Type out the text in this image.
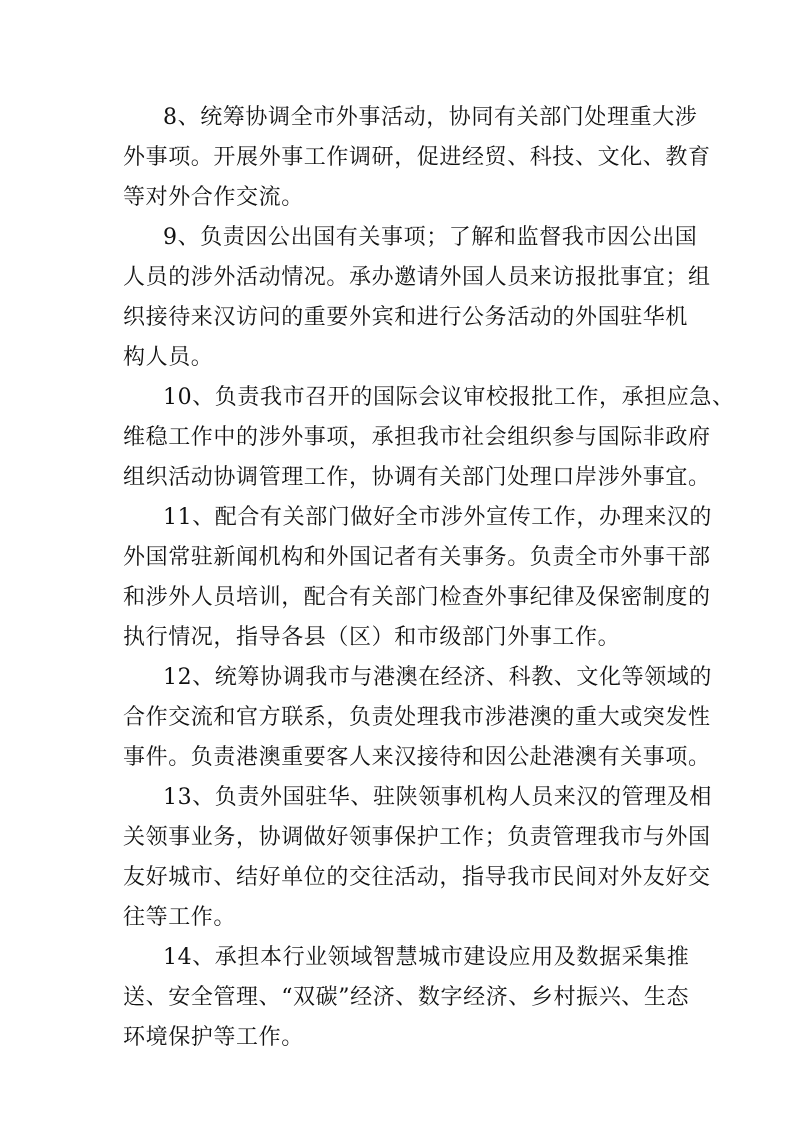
8、统筹协调全市外事活动，协同有关部门处理重大涉
外事项。开展外事工作调研，促进经贸、科技、文化、教育
等对外合作交流。
9、负责因公出国有关事项；了解和监督我市因公出国
人员的涉外活动情况。承办邀请外国人员来访报批事宜；组
织接待来汉访问的重要外宾和进行公务活动的外国驻华机
构人员。
10、负责我市召开的国际会议审校报批工作，承担应急、
维稳工作中的涉外事项，承担我市社会组织参与国际非政府
组织活动协调管理工作，协调有关部门处理口岸涉外事宜。
11、配合有关部门做好全市涉外宣传工作，办理来汉的
外国常驻新闻机构和外国记者有关事务。负责全市外事干部
和涉外人员培训，配合有关部门检查外事纪律及保密制度的
执行情况，指导各县（区）和市级部门外事工作。
12、统筹协调我市与港澳在经济、科教、文化等领域的
合作交流和官方联系，负责处理我市涉港澳的重大或突发性
事件。负责港澳重要客人来汉接待和因公赴港澳有关事项。
13、负责外国驻华、驻陕领事机构人员来汉的管理及相
关领事业务，协调做好领事保护工作；负责管理我市与外国
友好城市、结好单位的交往活动，指导我市民间对外友好交
往等工作。
14、承担本行业领域智慧城市建设应用及数据采集推
送、安全管理、“双碳”经济、数字经济、乡村振兴、生态
环境保护等工作。
